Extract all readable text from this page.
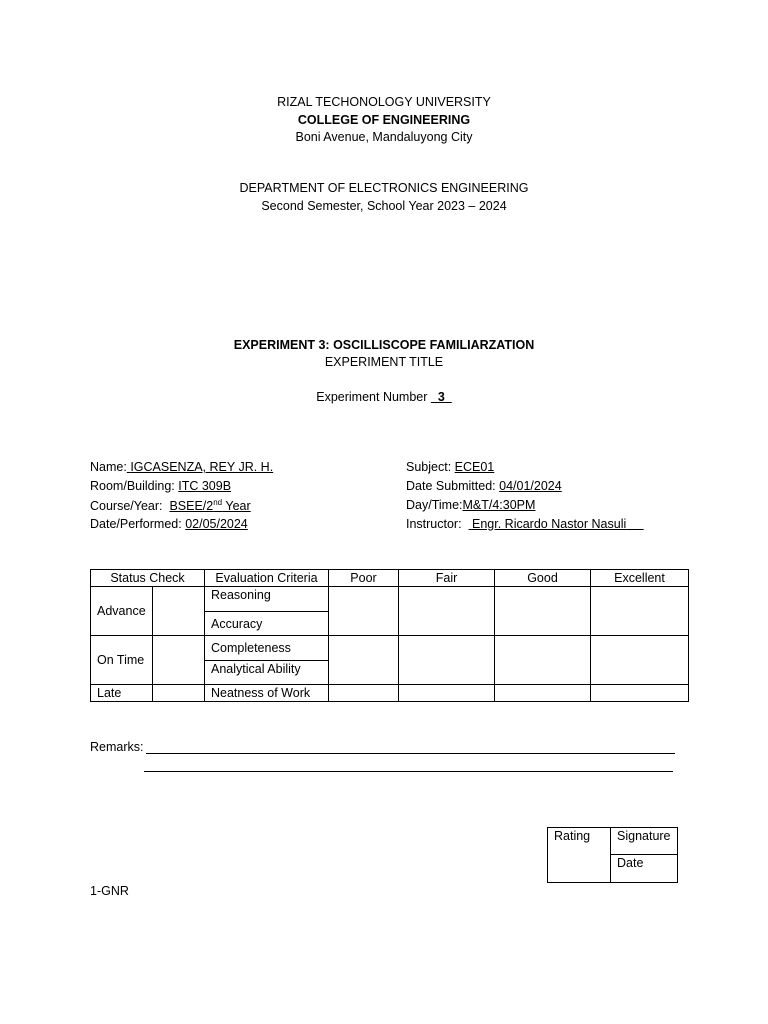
RIZAL TECHONOLOGY UNIVERSITY
COLLEGE OF ENGINEERING
Boni Avenue, Mandaluyong City
DEPARTMENT OF ELECTRONICS ENGINEERING
Second Semester, School Year 2023 – 2024
EXPERIMENT 3: OSCILLISCOPE FAMILIARZATION
EXPERIMENT TITLE
Experiment Number 3
Name: IGCASENZA, REY JR. H.
Room/Building: ITC 309B
Course/Year: BSEE/2nd Year
Date/Performed: 02/05/2024
Subject: ECE01
Date Submitted: 04/01/2024
Day/Time:M&T/4:30PM
Instructor: Engr. Ricardo Nastor Nasuli
Status Check		Evaluation Criteria	Poor	Fair	Good	Excellent
Advance		Reasoning				
		Accuracy				
On Time		Completeness				
		Analytical Ability				
Late		Neatness of Work				
Remarks:
Rating	Signature
Date
1-GNR
